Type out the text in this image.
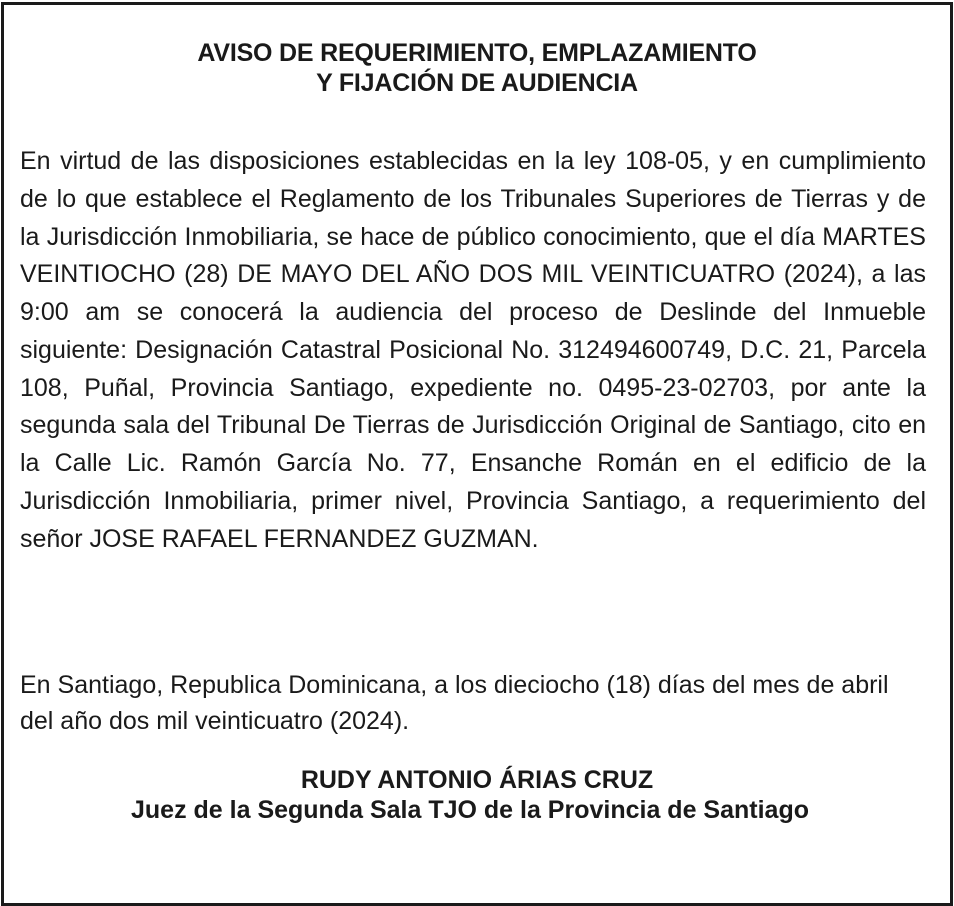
AVISO DE REQUERIMIENTO, EMPLAZAMIENTO
Y FIJACIÓN DE AUDIENCIA

En virtud de las disposiciones establecidas en la ley 108-05, y en cumplimiento de lo que establece el Reglamento de los Tribunales Superiores de Tierras y de la Jurisdicción Inmobiliaria, se hace de público conocimiento, que el día MARTES VEINTIOCHO (28) DE MAYO DEL AÑO DOS MIL VEINTICUATRO (2024), a las 9:00 am se conocerá la audiencia del proceso de Deslinde del Inmueble siguiente: Designación Catastral Posicional No. 312494600749, D.C. 21, Parcela 108, Puñal, Provincia Santiago, expediente no. 0495-23-02703, por ante la segunda sala del Tribunal De Tierras de Jurisdicción Original de Santiago, cito en la Calle Lic. Ramón García No. 77, Ensanche Román en el edificio de la Jurisdicción Inmobiliaria, primer nivel, Provincia Santiago, a requerimiento del señor JOSE RAFAEL FERNANDEZ GUZMAN.

En Santiago, Republica Dominicana, a los dieciocho (18) días del mes de abril del año dos mil veinticuatro (2024).

RUDY ANTONIO ÁRIAS CRUZ
Juez de la Segunda Sala TJO de la Provincia de Santiago
